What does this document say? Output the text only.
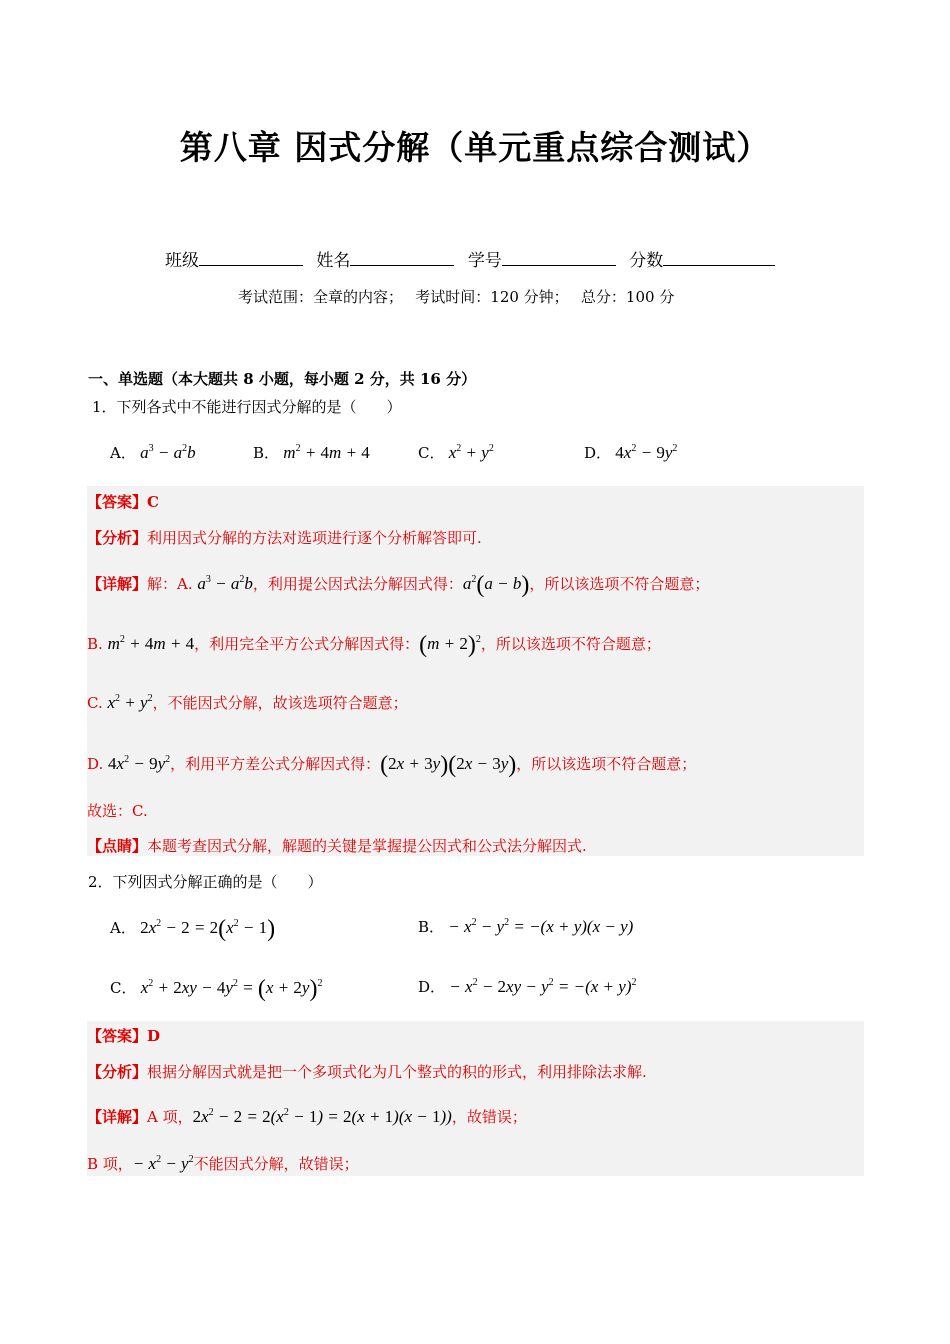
第八章 因式分解（单元重点综合测试）
班级	姓名	学号	分数
考试范围：全章的内容；　 考试时间：120 分钟；　 总分：100 分
一、单选题（本大题共 8 小题，每小题 2 分，共 16 分）
1．下列各式中不能进行因式分解的是（　　）
A． $a^3 - a^2b$	B． $m^2 + 4m + 4$	C． $x^2 + y^2$	D． $4x^2 - 9y^2$
【答案】C
【分析】利用因式分解的方法对选项进行逐个分析解答即可.
【详解】解：A. $a^3 - a^2b$，利用提公因式法分解因式得：$a^2(a - b)$，所以该选项不符合题意；
B. $m^2 + 4m + 4$，利用完全平方公式分解因式得：$(m + 2)^2$，所以该选项不符合题意；
C. $x^2 + y^2$，不能因式分解，故该选项符合题意；
D. $4x^2 - 9y^2$，利用平方差公式分解因式得：(2x + 3y)(2x − 3y)，所以该选项不符合题意；
故选：C.
【点睛】本题考查因式分解，解题的关键是掌握提公因式和公式法分解因式.
2．下列因式分解正确的是（　　）
A． $2x^2 - 2 = 2(x^2 - 1)$	B． − $x^2 - y^2 = -(x + y)(x - y)$
C． $x^2 + 2xy - 4y^2 = (x + 2y)^2$	D． − $x^2 - 2xy - y^2 = -(x + y)^2$
【答案】D
【分析】根据分解因式就是把一个多项式化为几个整式的积的形式，利用排除法求解.
【详解】A 项，$2x^2 - 2 = 2(x^2 - 1) = 2(x + 1)(x - 1)$)，故错误；
B 项，− $x^2 - y^2$不能因式分解，故错误；
